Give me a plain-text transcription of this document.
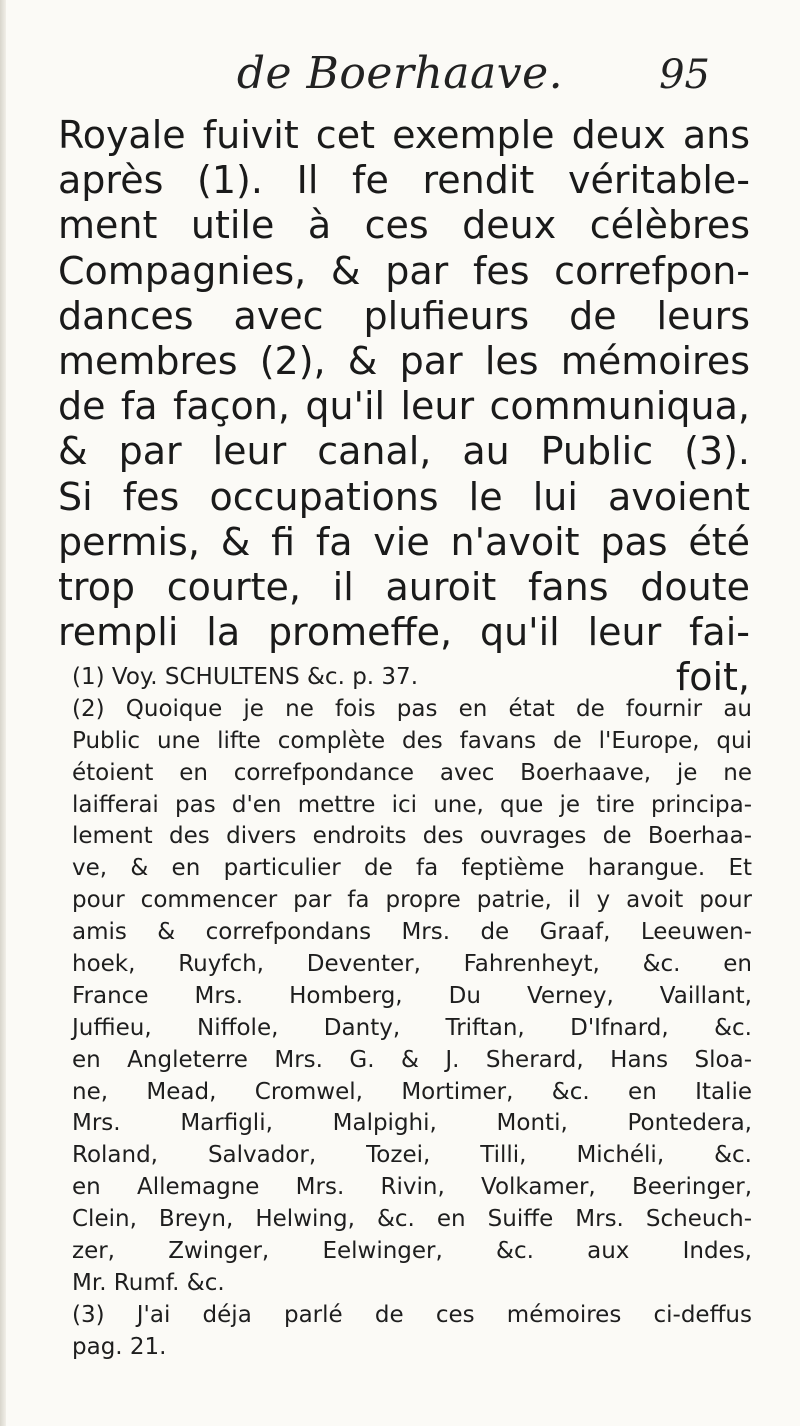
de Boerhaave.	95
Royale fuivit cet exemple deux ans
après (1). Il fe rendit véritable-
ment utile à ces deux célèbres
Compagnies, & par fes correfpon-
dances avec plufieurs de leurs
membres (2), & par les mémoires
de fa façon, qu'il leur communiqua,
& par leur canal, au Public (3).
Si fes occupations le lui avoient
permis, & fi fa vie n'avoit pas été
trop courte, il auroit fans doute
rempli la promeffe, qu'il leur fai-
foit,
(1) Voy. SCHULTENS &c. p. 37.
(2) Quoique je ne fois pas en état de fournir au
Public une lifte complète des favans de l'Europe, qui
étoient en correfpondance avec Boerhaave, je ne
laifferai pas d'en mettre ici une, que je tire principa-
lement des divers endroits des ouvrages de Boerhaa-
ve, & en particulier de fa feptième harangue. Et
pour commencer par fa propre patrie, il y avoit pour
amis & correfpondans Mrs. de Graaf, Leeuwen-
hoek, Ruyfch, Deventer, Fahrenheyt, &c. en
France Mrs. Homberg, Du Verney, Vaillant,
Juffieu, Niffole, Danty, Triftan, D'Ifnard, &c.
en Angleterre Mrs. G. & J. Sherard, Hans Sloa-
ne, Mead, Cromwel, Mortimer, &c. en Italie
Mrs. Marfigli, Malpighi, Monti, Pontedera,
Roland, Salvador, Tozei, Tilli, Michéli, &c.
en Allemagne Mrs. Rivin, Volkamer, Beeringer,
Clein, Breyn, Helwing, &c. en Suiffe Mrs. Scheuch-
zer, Zwinger, Eelwinger, &c. aux Indes,
Mr. Rumf. &c.
(3) J'ai déja parlé de ces mémoires ci-deffus
pag. 21.
